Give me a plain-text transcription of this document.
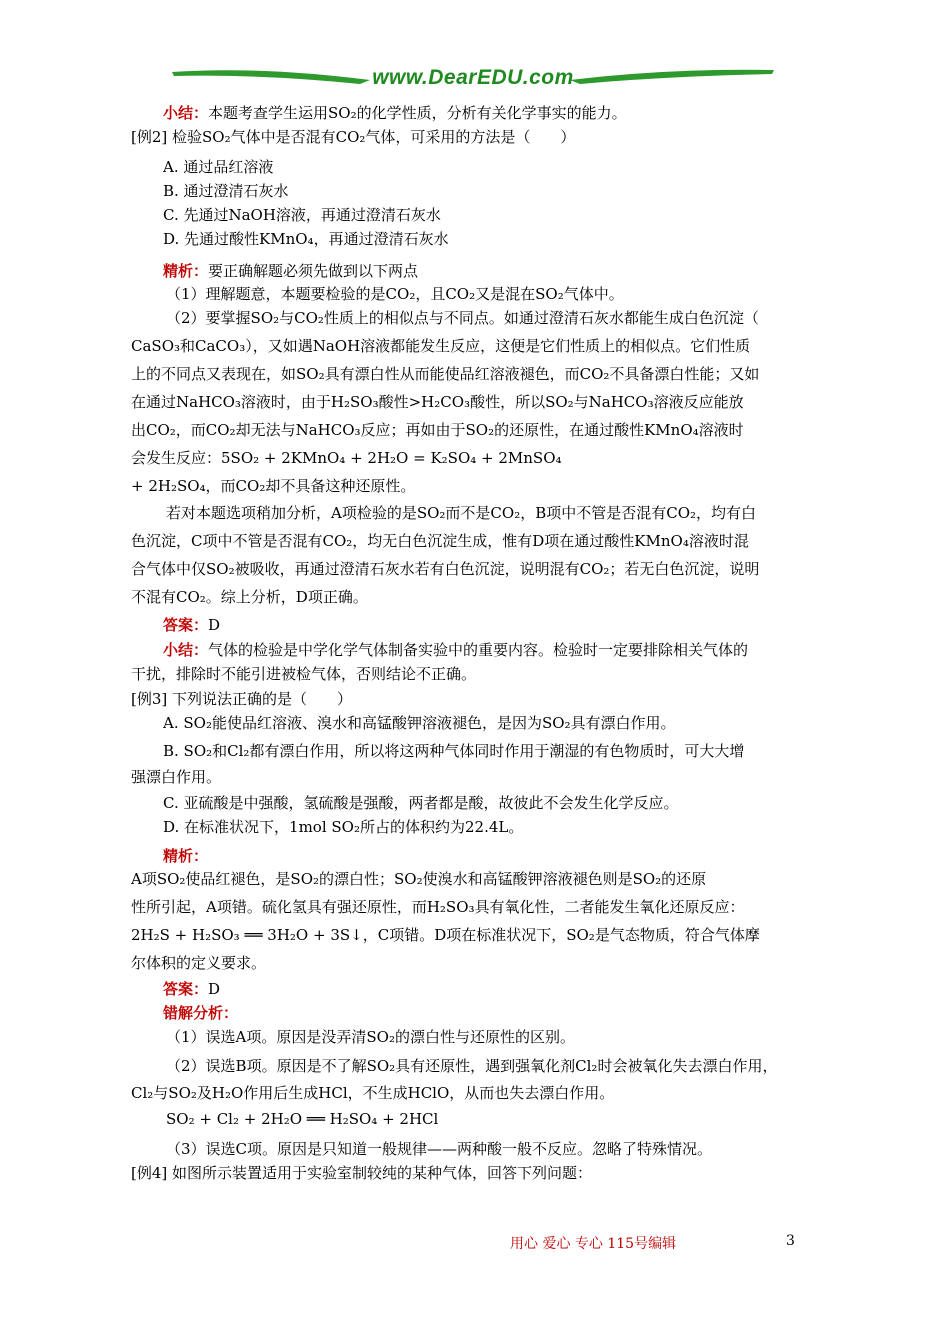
www.DearEDU.com
小结：本题考查学生运用SO₂的化学性质，分析有关化学事实的能力。
[例2] 检验SO₂气体中是否混有CO₂气体，可采用的方法是（　　）
A. 通过品红溶液
B. 通过澄清石灰水
C. 先通过NaOH溶液，再通过澄清石灰水
D. 先通过酸性KMnO₄，再通过澄清石灰水
精析：要正确解题必须先做到以下两点
（1）理解题意，本题要检验的是CO₂，且CO₂又是混在SO₂气体中。
（2）要掌握SO₂与CO₂性质上的相似点与不同点。如通过澄清石灰水都能生成白色沉淀（
CaSO₃和CaCO₃），又如遇NaOH溶液都能发生反应，这便是它们性质上的相似点。它们性质
上的不同点又表现在，如SO₂具有漂白性从而能使品红溶液褪色，而CO₂不具备漂白性能；又如
在通过NaHCO₃溶液时，由于H₂SO₃酸性>H₂CO₃酸性，所以SO₂与NaHCO₃溶液反应能放
出CO₂，而CO₂却无法与NaHCO₃反应；再如由于SO₂的还原性，在通过酸性KMnO₄溶液时
会发生反应：5SO₂ + 2KMnO₄ + 2H₂O = K₂SO₄ + 2MnSO₄
+ 2H₂SO₄，而CO₂却不具备这种还原性。
若对本题选项稍加分析，A项检验的是SO₂而不是CO₂，B项中不管是否混有CO₂，均有白
色沉淀，C项中不管是否混有CO₂，均无白色沉淀生成，惟有D项在通过酸性KMnO₄溶液时混
合气体中仅SO₂被吸收，再通过澄清石灰水若有白色沉淀，说明混有CO₂；若无白色沉淀，说明
不混有CO₂。综上分析，D项正确。
答案：D
小结：气体的检验是中学化学气体制备实验中的重要内容。检验时一定要排除相关气体的
干扰，排除时不能引进被检气体，否则结论不正确。
[例3] 下列说法正确的是（　　）
A. SO₂能使品红溶液、溴水和高锰酸钾溶液褪色，是因为SO₂具有漂白作用。
B. SO₂和Cl₂都有漂白作用，所以将这两种气体同时作用于潮湿的有色物质时，可大大增
强漂白作用。
C. 亚硫酸是中强酸，氢硫酸是强酸，两者都是酸，故彼此不会发生化学反应。
D. 在标准状况下，1mol SO₂所占的体积约为22.4L。
精析：
A项SO₂使品红褪色，是SO₂的漂白性；SO₂使溴水和高锰酸钾溶液褪色则是SO₂的还原
性所引起，A项错。硫化氢具有强还原性，而H₂SO₃具有氧化性，二者能发生氧化还原反应：
2H₂S + H₂SO₃ ══ 3H₂O + 3S↓，C项错。D项在标准状况下，SO₂是气态物质，符合气体摩
尔体积的定义要求。
答案：D
错解分析：
（1）误选A项。原因是没弄清SO₂的漂白性与还原性的区别。
（2）误选B项。原因是不了解SO₂具有还原性，遇到强氧化剂Cl₂时会被氧化失去漂白作用，
Cl₂与SO₂及H₂O作用后生成HCl，不生成HClO，从而也失去漂白作用。
SO₂ + Cl₂ + 2H₂O ══ H₂SO₄ + 2HCl
（3）误选C项。原因是只知道一般规律——两种酸一般不反应。忽略了特殊情况。
[例4] 如图所示装置适用于实验室制较纯的某种气体，回答下列问题：
用心 爱心 专心 115号编辑	3
